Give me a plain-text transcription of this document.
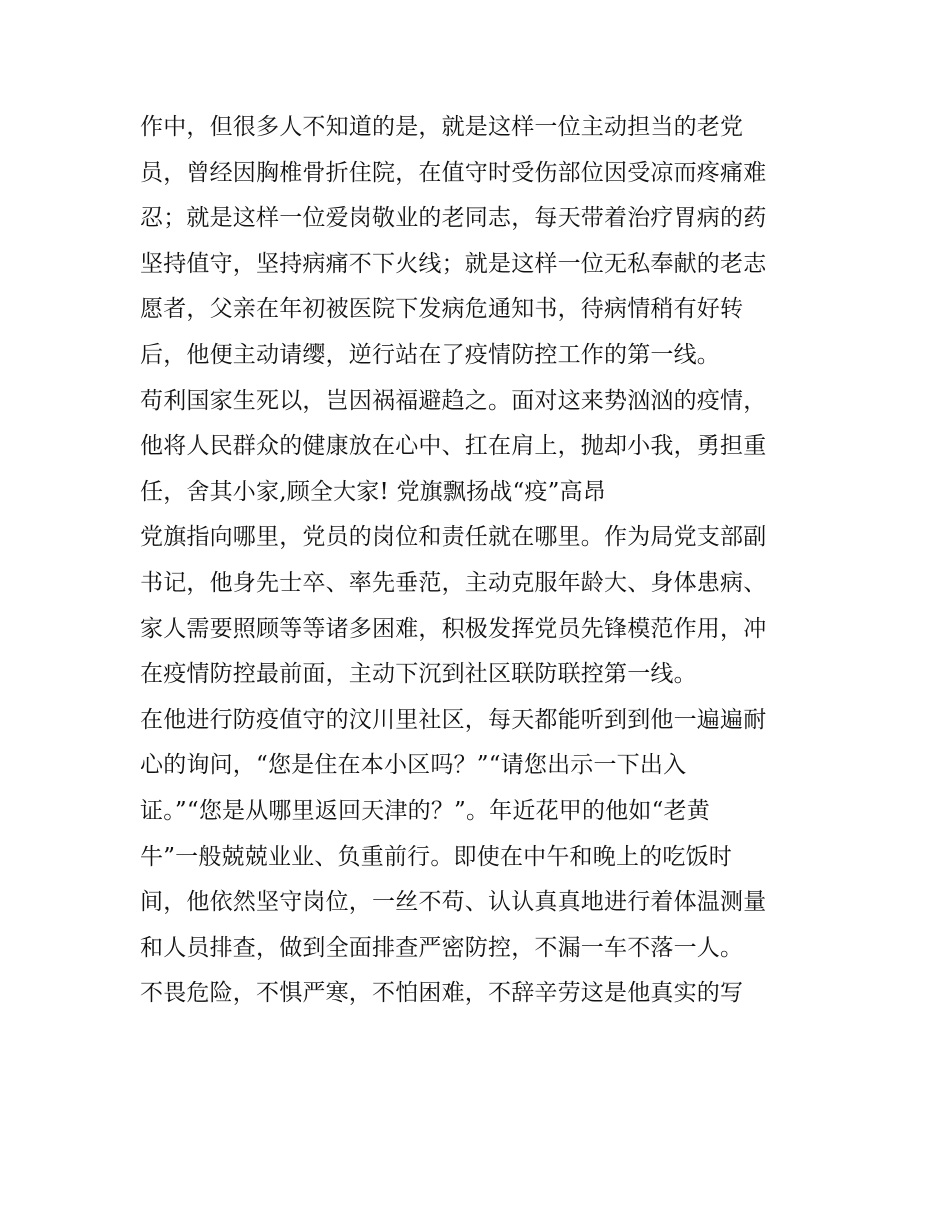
作中，但很多人不知道的是，就是这样一位主动担当的老党
员，曾经因胸椎骨折住院，在值守时受伤部位因受凉而疼痛难
忍；就是这样一位爱岗敬业的老同志，每天带着治疗胃病的药
坚持值守，坚持病痛不下火线；就是这样一位无私奉献的老志
愿者，父亲在年初被医院下发病危通知书，待病情稍有好转
后，他便主动请缨，逆行站在了疫情防控工作的第一线。
苟利国家生死以，岂因祸福避趋之。面对这来势汹汹的疫情，
他将人民群众的健康放在心中、扛在肩上，抛却小我，勇担重
任，舍其小家,顾全大家! 党旗飘扬战“疫”高昂
党旗指向哪里，党员的岗位和责任就在哪里。作为局党支部副
书记，他身先士卒、率先垂范，主动克服年龄大、身体患病、
家人需要照顾等等诸多困难，积极发挥党员先锋模范作用，冲
在疫情防控最前面，主动下沉到社区联防联控第一线。
在他进行防疫值守的汶川里社区，每天都能听到到他一遍遍耐
心的询问，“您是住在本小区吗？”“请您出示一下出入
证。”“您是从哪里返回天津的？”。年近花甲的他如“老黄
牛”一般兢兢业业、负重前行。即使在中午和晚上的吃饭时
间，他依然坚守岗位，一丝不苟、认认真真地进行着体温测量
和人员排查，做到全面排查严密防控，不漏一车不落一人。
不畏危险，不惧严寒，不怕困难，不辞辛劳这是他真实的写
